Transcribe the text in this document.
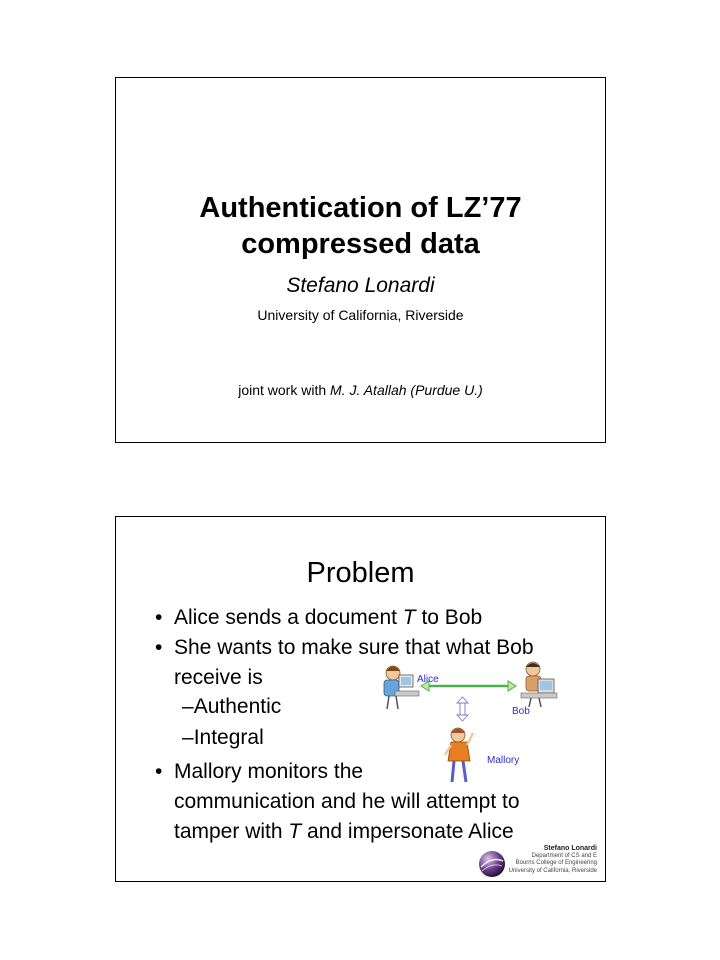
Authentication of LZ’77
compressed data
Stefano Lonardi
University of California, Riverside
joint work with M. J. Atallah (Purdue U.)
Problem
• Alice sends a document T to Bob
• She wants to make sure that what Bob
receive is
–Authentic
–Integral
• Mallory monitors the
communication and he will attempt to
tamper with T and impersonate Alice
Alice
Bob
Mallory
Stefano Lonardi
Department of CS and E
Bourns College of Engineering
University of California, Riverside
